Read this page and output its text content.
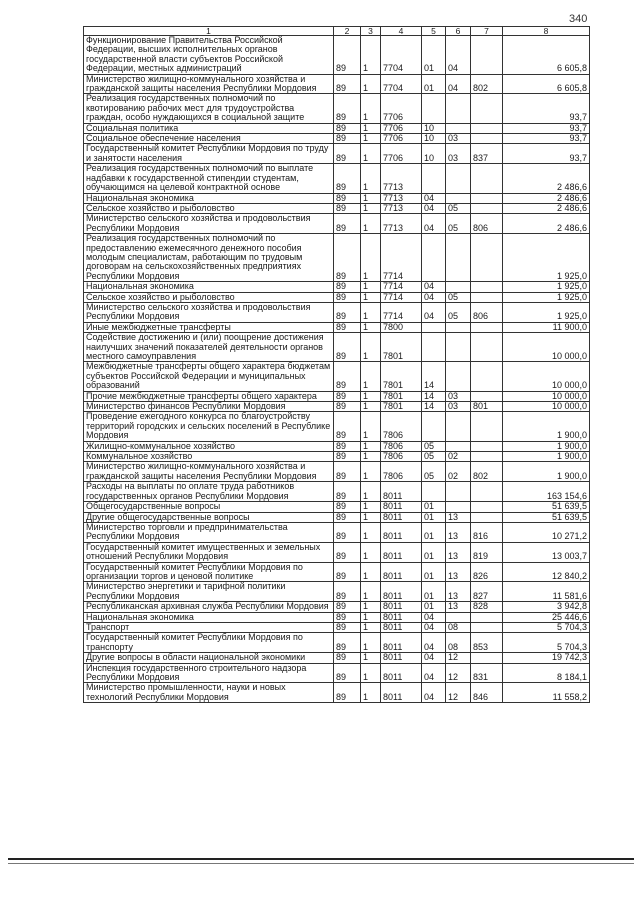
340
1	2	3	4	5	6	7	8
Функционирование Правительства Российской Федерации, высших исполнительных органов государственной власти субъектов Российской Федерации, местных администраций	89	1	7704	01	04		6 605,8
Министерство жилищно-коммунального хозяйства и гражданской защиты населения Республики Мордовия	89	1	7704	01	04	802	6 605,8
Реализация государственных полномочий по квотированию рабочих мест для трудоустройства граждан, особо нуждающихся в социальной защите	89	1	7706				93,7
Социальная политика	89	1	7706	10			93,7
Социальное обеспечение населения	89	1	7706	10	03		93,7
Государственный комитет Республики Мордовия по труду и занятости населения	89	1	7706	10	03	837	93,7
Реализация государственных полномочий по выплате надбавки к государственной стипендии студентам, обучающимся на целевой контрактной основе	89	1	7713				2 486,6
Национальная экономика	89	1	7713	04			2 486,6
Сельское хозяйство и рыболовство	89	1	7713	04	05		2 486,6
Министерство сельского хозяйства и продовольствия Республики Мордовия	89	1	7713	04	05	806	2 486,6
Реализация государственных полномочий по предоставлению ежемесячного денежного пособия молодым специалистам, работающим по трудовым договорам на сельскохозяйственных предприятиях Республики Мордовия	89	1	7714				1 925,0
Национальная экономика	89	1	7714	04			1 925,0
Сельское хозяйство и рыболовство	89	1	7714	04	05		1 925,0
Министерство сельского хозяйства и продовольствия Республики Мордовия	89	1	7714	04	05	806	1 925,0
Иные межбюджетные трансферты	89	1	7800				11 900,0
Содействие достижению и (или) поощрение достижения наилучших значений показателей деятельности органов местного самоуправления	89	1	7801				10 000,0
Межбюджетные трансферты общего характера бюджетам субъектов Российской Федерации и муниципальных образований	89	1	7801	14			10 000,0
Прочие межбюджетные трансферты общего характера	89	1	7801	14	03		10 000,0
Министерство финансов Республики Мордовия	89	1	7801	14	03	801	10 000,0
Проведение ежегодного конкурса по благоустройству территорий городских и сельских поселений в Республике Мордовия	89	1	7806				1 900,0
Жилищно-коммунальное хозяйство	89	1	7806	05			1 900,0
Коммунальное хозяйство	89	1	7806	05	02		1 900,0
Министерство жилищно-коммунального хозяйства и гражданской защиты населения Республики Мордовия	89	1	7806	05	02	802	1 900,0
Расходы на выплаты по оплате труда работников государственных органов Республики Мордовия	89	1	8011				163 154,6
Общегосударственные вопросы	89	1	8011	01			51 639,5
Другие общегосударственные вопросы	89	1	8011	01	13		51 639,5
Министерство торговли и предпринимательства Республики Мордовия	89	1	8011	01	13	816	10 271,2
Государственный комитет имущественных и земельных отношений Республики Мордовия	89	1	8011	01	13	819	13 003,7
Государственный комитет Республики Мордовия по организации торгов и ценовой политике	89	1	8011	01	13	826	12 840,2
Министерство энергетики и тарифной политики Республики Мордовия	89	1	8011	01	13	827	11 581,6
Республиканская архивная служба Республики Мордовия	89	1	8011	01	13	828	3 942,8
Национальная экономика	89	1	8011	04			25 446,6
Транспорт	89	1	8011	04	08		5 704,3
Государственный комитет Республики Мордовия по транспорту	89	1	8011	04	08	853	5 704,3
Другие вопросы в области национальной экономики	89	1	8011	04	12		19 742,3
Инспекция государственного строительного надзора Республики Мордовия	89	1	8011	04	12	831	8 184,1
Министерство промышленности, науки и новых технологий Республики Мордовия	89	1	8011	04	12	846	11 558,2
